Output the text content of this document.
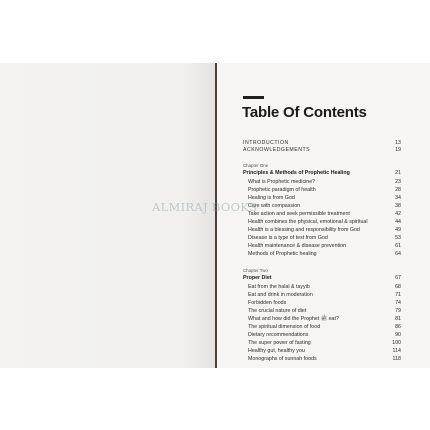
Table Of Contents
INTRODUCTION	13
ACKNOWLEDGEMENTS	19
Chapter One
Principles & Methods of Prophetic Healing	21
What is Prophetic medicine?	23
Prophetic paradigm of health	28
Healing is from God	34
Care with compassion	38
Take action and seek permissible treatment	42
Health combines the physical, emotional & spiritual	44
Health is a blessing and responsibility from God	49
Disease is a type of test from God	53
Health maintenance & disease prevention	61
Methods of Prophetic healing	64
Chapter Two
Proper Diet	67
Eat from the halal & tayyib	68
Eat and drink in moderation	71
Forbidden foods	74
The crucial nature of diet	79
What and how did the Prophet ﷺ eat?	81
The spiritual dimension of food	86
Dietary recommendations	90
The super power of fasting	100
Healthy gut, healthy you	114
Monographs of sunnah foods	118
ALMIRAJ BOOKS
